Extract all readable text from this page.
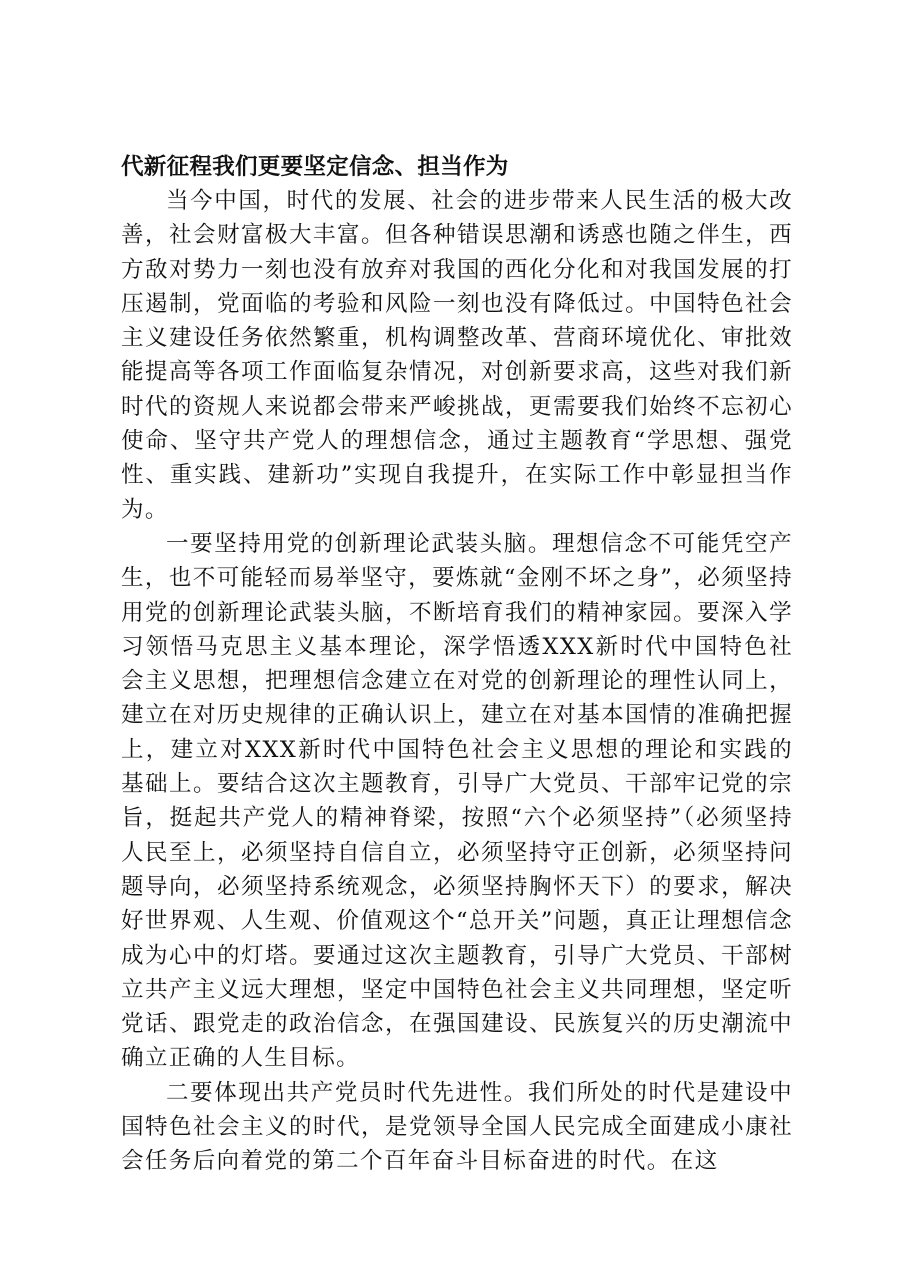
代新征程我们更要坚定信念、担当作为

当今中国，时代的发展、社会的进步带来人民生活的极大改善，社会财富极大丰富。但各种错误思潮和诱惑也随之伴生，西方敌对势力一刻也没有放弃对我国的西化分化和对我国发展的打压遏制，党面临的考验和风险一刻也没有降低过。中国特色社会主义建设任务依然繁重，机构调整改革、营商环境优化、审批效能提高等各项工作面临复杂情况，对创新要求高，这些对我们新时代的资规人来说都会带来严峻挑战，更需要我们始终不忘初心使命、坚守共产党人的理想信念，通过主题教育“学思想、强党性、重实践、建新功”实现自我提升，在实际工作中彰显担当作为。

一要坚持用党的创新理论武装头脑。理想信念不可能凭空产生，也不可能轻而易举坚守，要炼就“金刚不坏之身”，必须坚持用党的创新理论武装头脑，不断培育我们的精神家园。要深入学习领悟马克思主义基本理论，深学悟透XXX新时代中国特色社会主义思想，把理想信念建立在对党的创新理论的理性认同上，建立在对历史规律的正确认识上，建立在对基本国情的准确把握上，建立对XXX新时代中国特色社会主义思想的理论和实践的基础上。要结合这次主题教育，引导广大党员、干部牢记党的宗旨，挺起共产党人的精神脊梁，按照“六个必须坚持”（必须坚持人民至上，必须坚持自信自立，必须坚持守正创新，必须坚持问题导向，必须坚持系统观念，必须坚持胸怀天下）的要求，解决好世界观、人生观、价值观这个“总开关”问题，真正让理想信念成为心中的灯塔。要通过这次主题教育，引导广大党员、干部树立共产主义远大理想，坚定中国特色社会主义共同理想，坚定听党话、跟党走的政治信念，在强国建设、民族复兴的历史潮流中确立正确的人生目标。

二要体现出共产党员时代先进性。我们所处的时代是建设中国特色社会主义的时代，是党领导全国人民完成全面建成小康社会任务后向着党的第二个百年奋斗目标奋进的时代。在这
